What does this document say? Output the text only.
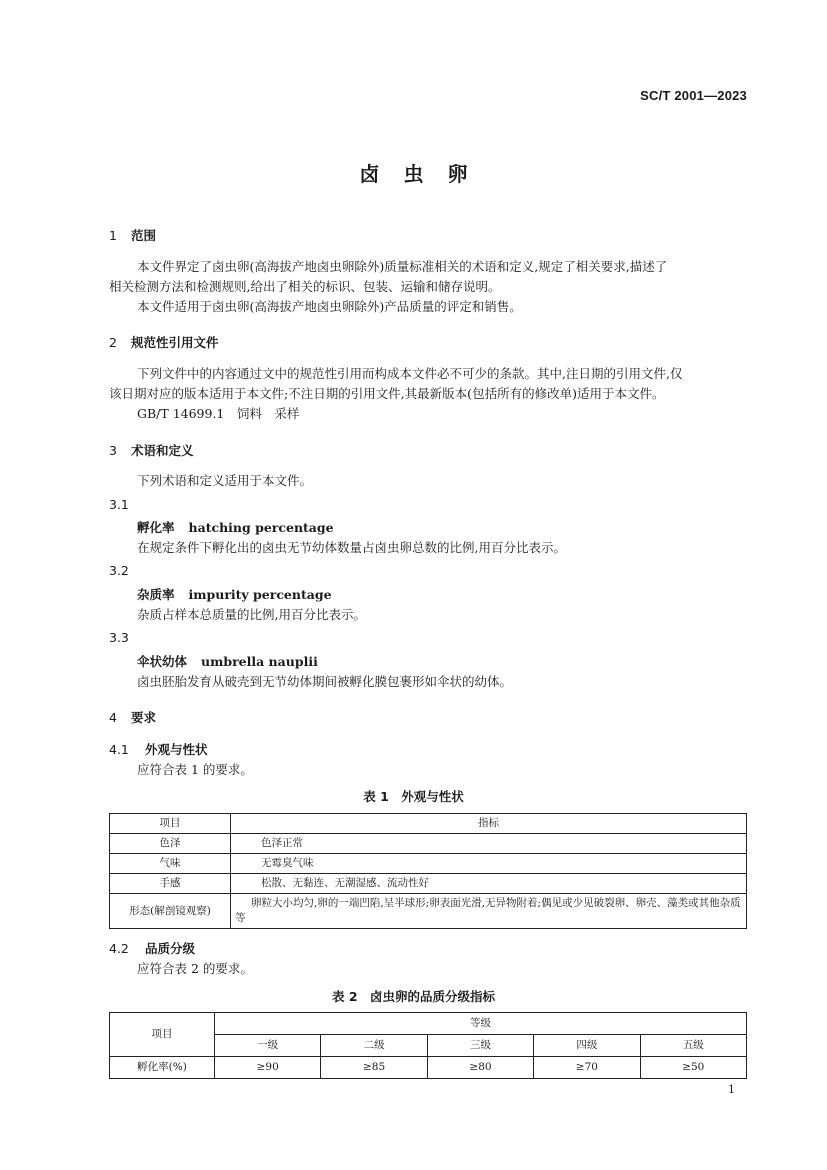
SC/T 2001—2023
卤虫卵
1 范围
本文件界定了卤虫卵(高海拔产地卤虫卵除外)质量标准相关的术语和定义,规定了相关要求,描述了
相关检测方法和检测规则,给出了相关的标识、包装、运输和储存说明。
本文件适用于卤虫卵(高海拔产地卤虫卵除外)产品质量的评定和销售。
2 规范性引用文件
下列文件中的内容通过文中的规范性引用而构成本文件必不可少的条款。其中,注日期的引用文件,仅
该日期对应的版本适用于本文件;不注日期的引用文件,其最新版本(包括所有的修改单)适用于本文件。
GB/T 14699.1　饲料　采样
3 术语和定义
下列术语和定义适用于本文件。
3.1
孵化率 hatching percentage
在规定条件下孵化出的卤虫无节幼体数量占卤虫卵总数的比例,用百分比表示。
3.2
杂质率 impurity percentage
杂质占样本总质量的比例,用百分比表示。
3.3
伞状幼体 umbrella nauplii
卤虫胚胎发育从破壳到无节幼体期间被孵化膜包裹形如伞状的幼体。
4 要求
4.1 外观与性状
应符合表 1 的要求。
表 1　外观与性状
项目	指标
色泽	色泽正常
气味	无霉臭气味
手感	松散、无黏连、无潮湿感、流动性好
形态(解剖镜观察)	卵粒大小均匀,卵的一端凹陷,呈半球形;卵表面光滑,无异物附着;偶见或少见破裂卵、卵壳、藻类或其他杂质等
4.2 品质分级
应符合表 2 的要求。
表 2　卤虫卵的品质分级指标
项目	等级				
	一级	二级	三级	四级	五级
孵化率(%)	≥90	≥85	≥80	≥70	≥50
1
